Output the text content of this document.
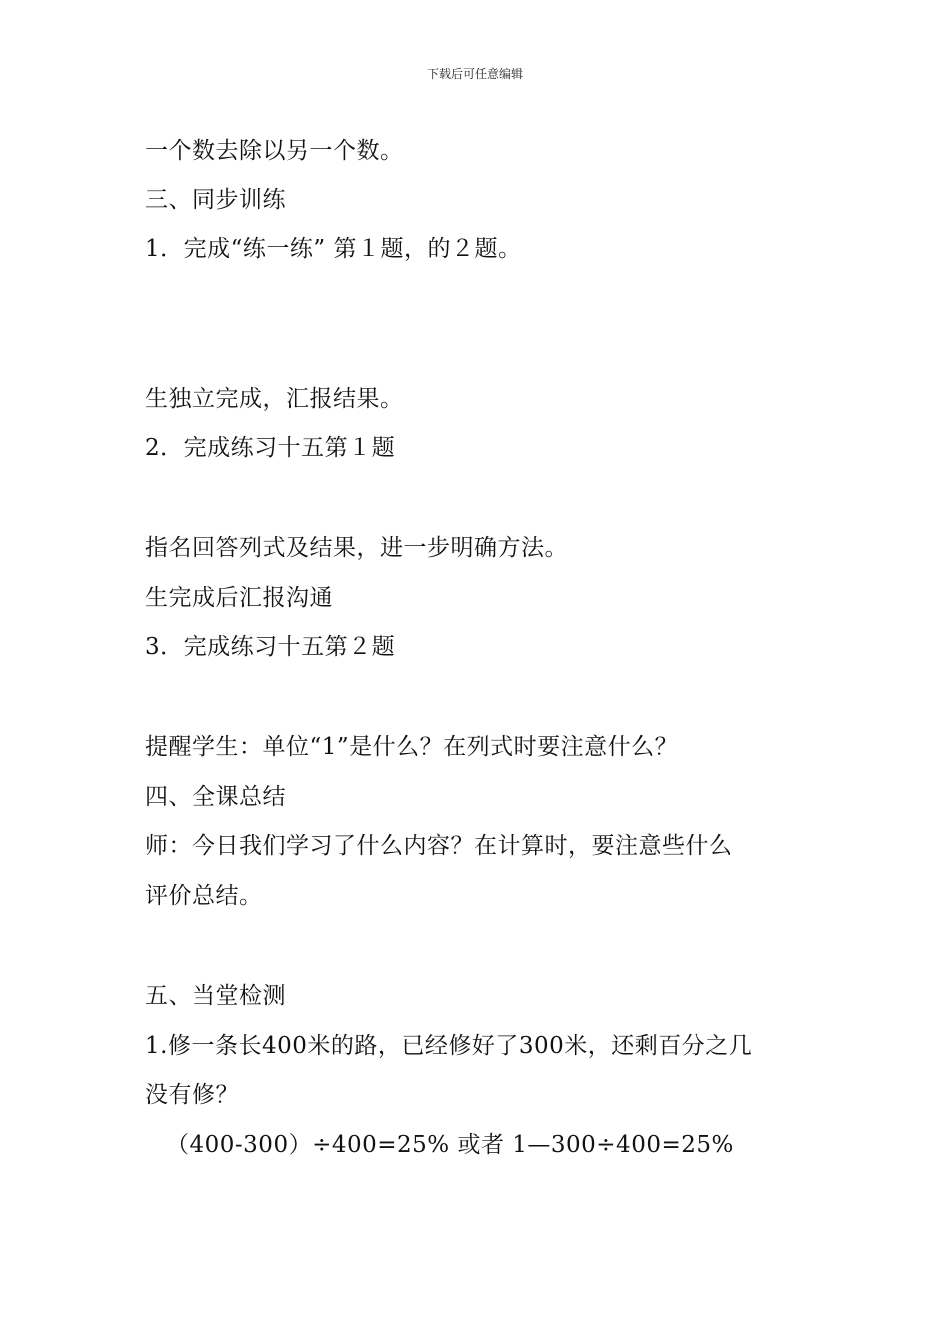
下载后可任意编辑
一个数去除以另一个数。
三、同步训练
1．完成“练一练” 第１题，的２题。
生独立完成，汇报结果。
2．完成练习十五第１题
指名回答列式及结果，进一步明确方法。
生完成后汇报沟通
3．完成练习十五第２题
提醒学生：单位“1”是什么？在列式时要注意什么？
四、全课总结
师：今日我们学习了什么内容？在计算时，要注意些什么
评价总结。
五、当堂检测
1.修一条长400米的路，已经修好了300米，还剩百分之几
没有修？
（400-300）÷400=25% 或者 1—300÷400=25%
